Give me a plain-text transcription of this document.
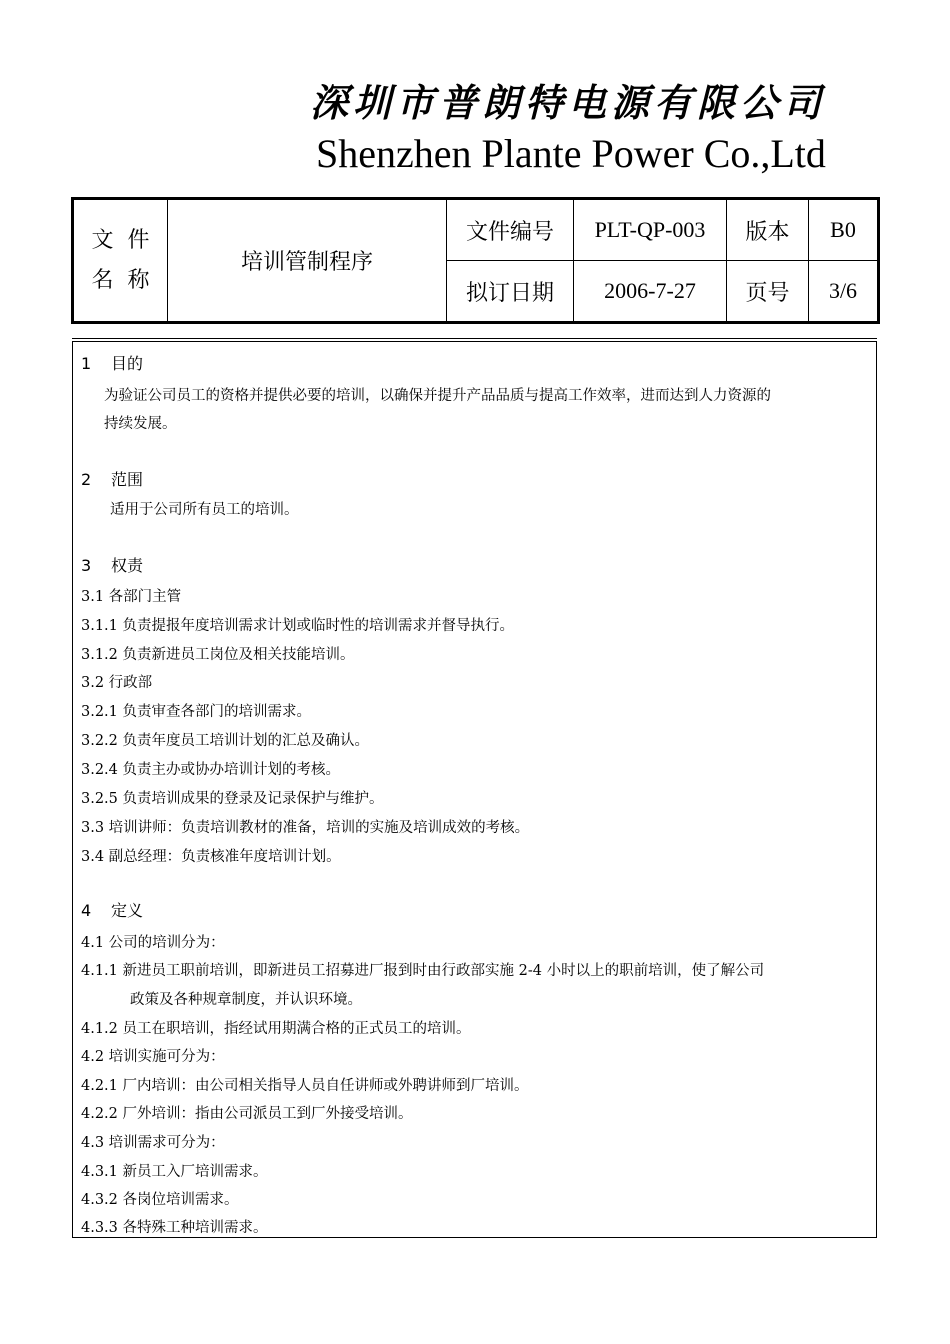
深圳市普朗特电源有限公司
Shenzhen Plante Power Co.,Ltd
文  件
名  称	培训管制程序	文件编号	PLT-QP-003	版本	B0
		拟订日期	2006-7-27	页号	3/6
1 目的
为验证公司员工的资格并提供必要的培训，以确保并提升产品品质与提高工作效率，进而达到人力资源的
持续发展。
2 范围
适用于公司所有员工的培训。
3 权责
3.1 各部门主管
3.1.1 负责提报年度培训需求计划或临时性的培训需求并督导执行。
3.1.2 负责新进员工岗位及相关技能培训。
3.2 行政部
3.2.1 负责审查各部门的培训需求。
3.2.2 负责年度员工培训计划的汇总及确认。
3.2.4 负责主办或协办培训计划的考核。
3.2.5 负责培训成果的登录及记录保护与维护。
3.3 培训讲师：负责培训教材的准备，培训的实施及培训成效的考核。
3.4 副总经理：负责核准年度培训计划。
4 定义
4.1 公司的培训分为：
4.1.1 新进员工职前培训，即新进员工招募进厂报到时由行政部实施 2-4 小时以上的职前培训，使了解公司
政策及各种规章制度，并认识环境。
4.1.2 员工在职培训，指经试用期满合格的正式员工的培训。
4.2 培训实施可分为：
4.2.1 厂内培训：由公司相关指导人员自任讲师或外聘讲师到厂培训。
4.2.2 厂外培训：指由公司派员工到厂外接受培训。
4.3 培训需求可分为：
4.3.1 新员工入厂培训需求。
4.3.2 各岗位培训需求。
4.3.3 各特殊工种培训需求。
